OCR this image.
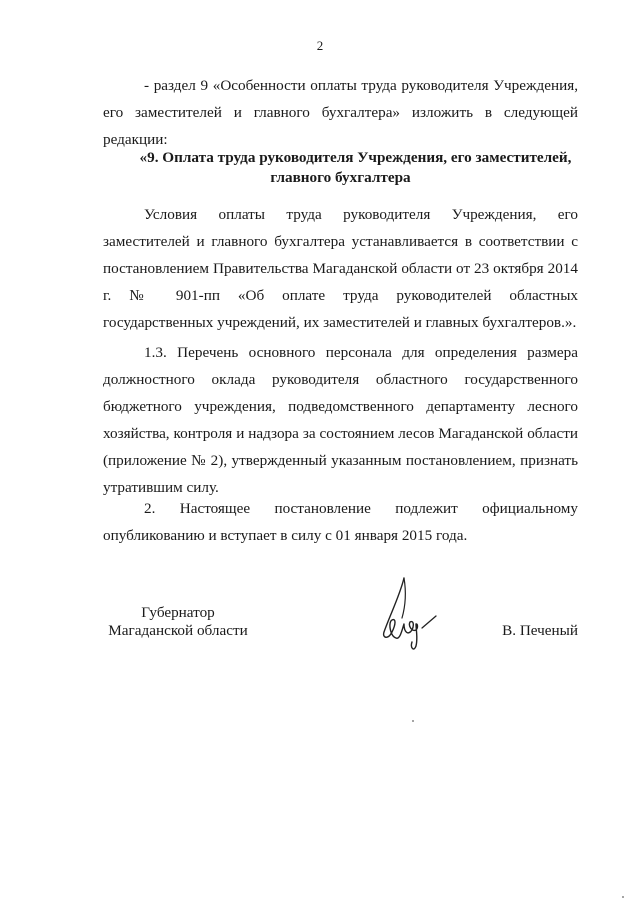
2
- раздел 9 «Особенности оплаты труда руководителя Учреждения,
его заместителей и главного бухгалтера» изложить в следующей редакции:
«9. Оплата труда руководителя Учреждения, его заместителей,
главного бухгалтера

Условия оплаты труда руководителя Учреждения, его заместителей и главного бухгалтера устанавливается в соответствии с постановлением Правительства Магаданской области от 23 октября 2014 г. № 901-пп «Об оплате труда руководителей областных государственных учреждений, их заместителей и главных бухгалтеров.».

1.3. Перечень основного персонала для определения размера должностного оклада руководителя областного государственного бюджетного учреждения, подведомственного департаменту лесного хозяйства, контроля и надзора за состоянием лесов Магаданской области (приложение № 2), утвержденный указанным постановлением, признать утратившим силу.

2. Настоящее постановление подлежит официальному опубликованию и вступает в силу с 01 января 2015 года.

Губернатор
Магаданской области	В. Печеный
